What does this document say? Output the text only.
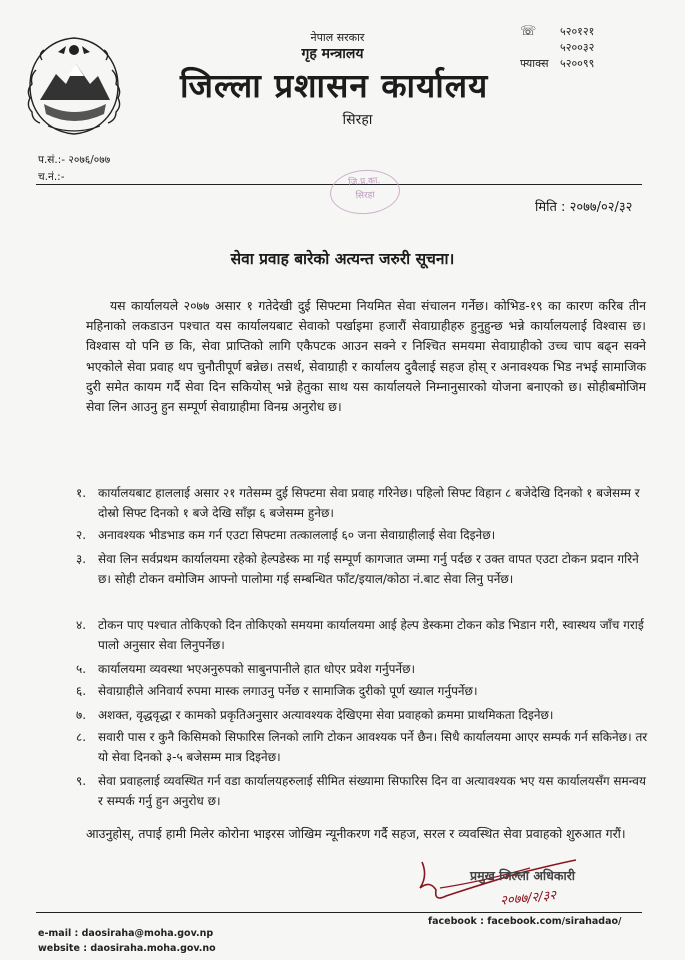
नेपाल सरकार
गृह मन्त्रालय
जिल्ला प्रशासन कार्यालय
सिरहा
☏ ५२०१२१
५२००३२
फ्याक्स ५२००९९
प.सं.:- २०७६/०७७
च.नं.:-	जि.प्र.का.
सिरहा
मिति : २०७७/०२/३२
सेवा प्रवाह बारेको अत्यन्त जरुरी सूचना।
यस कार्यालयले २०७७ असार १ गतेदेखी दुई सिफ्टमा नियमित सेवा संचालन गर्नेछ। कोभिड-१९ का कारण करिब तीन महिनाको लकडाउन पश्चात यस कार्यालयबाट सेवाको पर्खाइमा हजारौं सेवाग्राहीहरु हुनुहुन्छ भन्ने कार्यालयलाई विश्वास छ। विश्वास यो पनि छ कि, सेवा प्राप्तिको लागि एकैपटक आउन सक्ने र निश्चित समयमा सेवाग्राहीको उच्च चाप बढ्न सक्ने भएकोले सेवा प्रवाह थप चुनौतीपूर्ण बन्नेछ। तसर्थ, सेवाग्राही र कार्यालय दुवैलाई सहज होस् र अनावश्यक भिड नभई सामाजिक दुरी समेत कायम गर्दै सेवा दिन सकियोस् भन्ने हेतुका साथ यस कार्यालयले निम्नानुसारको योजना बनाएको छ। सोहीबमोजिम सेवा लिन आउनु हुन सम्पूर्ण सेवाग्राहीमा विनम्र अनुरोध छ।
१. कार्यालयबाट हाललाई असार २१ गतेसम्म दुई सिफ्टमा सेवा प्रवाह गरिनेछ। पहिलो सिफ्ट विहान ८ बजेदेखि दिनको १ बजेसम्म र दोस्रो सिफ्ट दिनको १ बजे देखि साँझ ६ बजेसम्म हुनेछ।
२. अनावश्यक भीडभाड कम गर्न एउटा सिफ्टमा तत्काललाई ६० जना सेवाग्राहीलाई सेवा दिइनेछ।
३. सेवा लिन सर्वप्रथम कार्यालयमा रहेको हेल्पडेस्क मा गई सम्पूर्ण कागजात जम्मा गर्नु पर्दछ र उक्त वापत एउटा टोकन प्रदान गरिने छ। सोही टोकन वमोजिम आफ्नो पालोमा गई सम्बन्धित फाँट/इयाल/कोठा नं.बाट सेवा लिनु पर्नेछ।
४. टोकन पाए पश्चात तोकिएको दिन तोकिएको समयमा कार्यालयमा आई हेल्प डेस्कमा टोकन कोड भिडान गरी, स्वास्थय जाँच गराई पालो अनुसार सेवा लिनुपर्नेछ।
५. कार्यालयमा व्यवस्था भएअनुरुपको साबुनपानीले हात धोएर प्रवेश गर्नुपर्नेछ।
६. सेवाग्राहीले अनिवार्य रुपमा मास्क लगाउनु पर्नेछ र सामाजिक दुरीको पूर्ण ख्याल गर्नुपर्नेछ।
७. अशक्त, वृद्धवृद्धा र कामको प्रकृतिअनुसार अत्यावश्यक देखिएमा सेवा प्रवाहको क्रममा प्राथमिकता दिइनेछ।
८. सवारी पास र कुनै किसिमको सिफारिस लिनको लागि टोकन आवश्यक पर्ने छैन। सिधै कार्यालयमा आएर सम्पर्क गर्न सकिनेछ। तर यो सेवा दिनको ३-५ बजेसम्म मात्र दिइनेछ।
९. सेवा प्रवाहलाई व्यवस्थित गर्न वडा कार्यालयहरुलाई सीमित संख्यामा सिफारिस दिन वा अत्यावश्यक भए यस कार्यालयसँग समन्वय र सम्पर्क गर्नु हुन अनुरोध छ।
आउनुहोस्, तपाई हामी मिलेर कोरोना भाइरस जोखिम न्यूनीकरण गर्दै सहज, सरल र व्यवस्थित सेवा प्रवाहको शुरुआत गरौं।
प्रमुख जिल्ला अधिकारी
२०७७/२/३२
facebook : facebook.com/sirahadao/
e-mail : daosiraha@moha.gov.np
website : daosiraha.moha.gov.no
